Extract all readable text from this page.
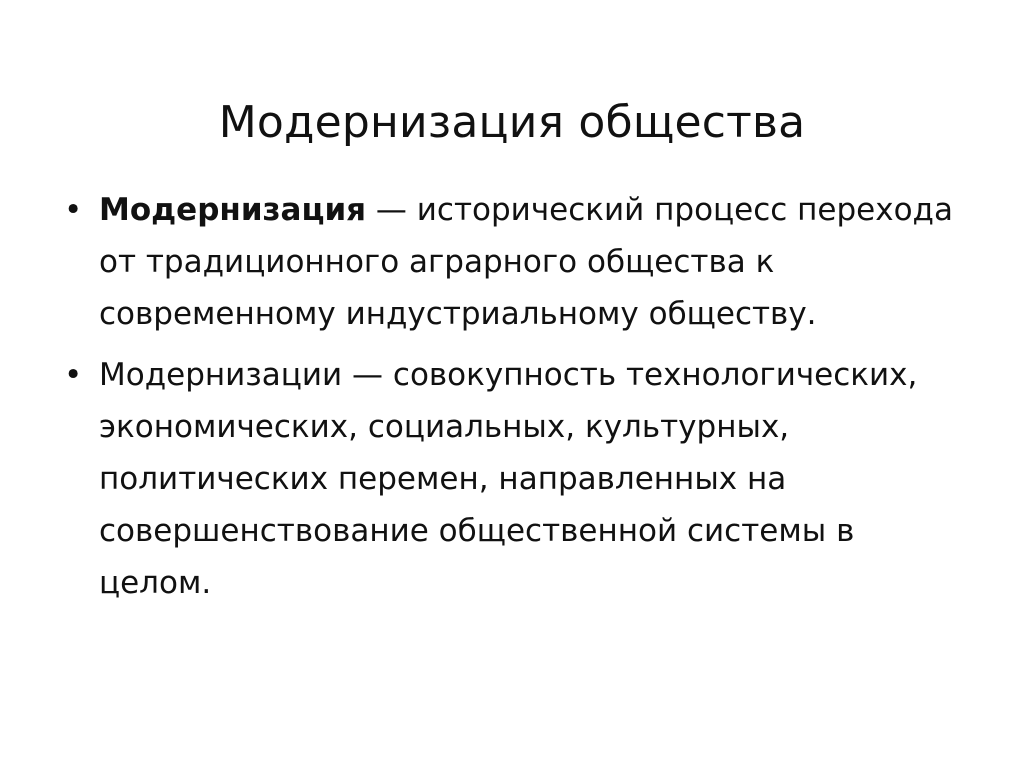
Модернизация общества
• Модернизация — исторический процесс перехода от традиционного аграрного общества к современному индустриальному обществу.
• Модернизации — совокупность технологических, экономических, социальных, культурных, политических перемен, направленных на совершенствование общественной системы в целом.
